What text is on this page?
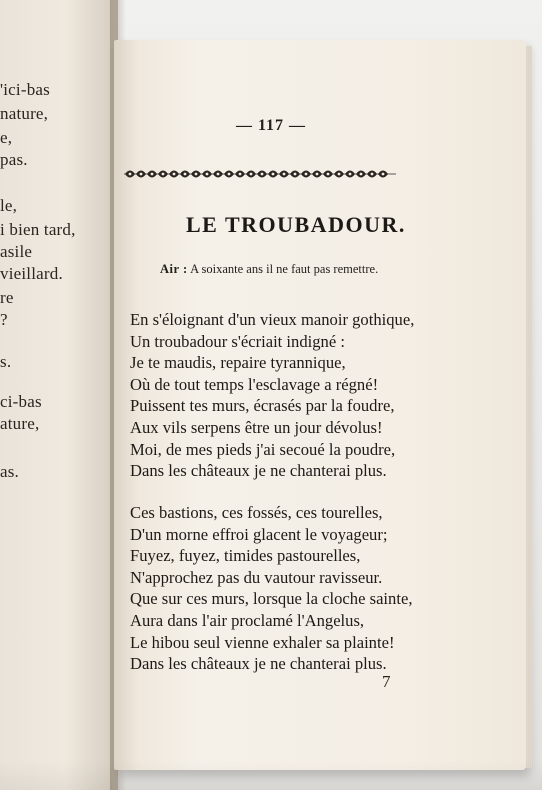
'ici-bas
nature,
e,
pas.
le,
i bien tard,
asile
vieillard.
re
?
s.
ci-bas
ature,
as.
— 117 —
LE TROUBADOUR.
Air : A soixante ans il ne faut pas remettre.
En s'éloignant d'un vieux manoir gothique,
Un troubadour s'écriait indigné :
Je te maudis, repaire tyrannique,
Où de tout temps l'esclavage a régné!
Puissent tes murs, écrasés par la foudre,
Aux vils serpens être un jour dévolus!
Moi, de mes pieds j'ai secoué la poudre,
Dans les châteaux je ne chanterai plus.
Ces bastions, ces fossés, ces tourelles,
D'un morne effroi glacent le voyageur;
Fuyez, fuyez, timides pastourelles,
N'approchez pas du vautour ravisseur.
Que sur ces murs, lorsque la cloche sainte,
Aura dans l'air proclamé l'Angelus,
Le hibou seul vienne exhaler sa plainte!
Dans les châteaux je ne chanterai plus.
7
